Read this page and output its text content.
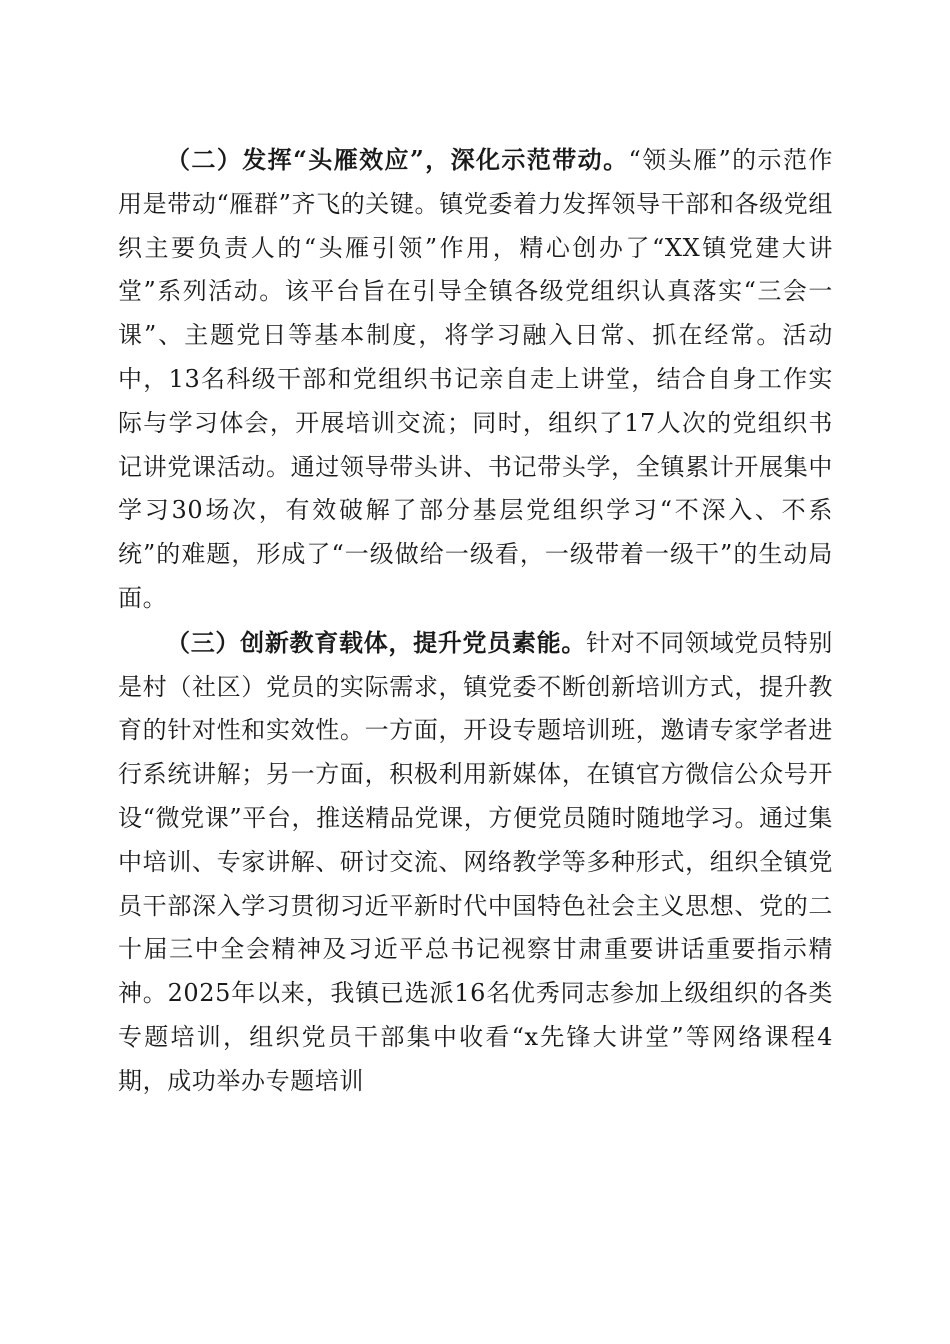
（二）发挥“头雁效应”，深化示范带动。“领头雁”的示范作用是带动“雁群”齐飞的关键。镇党委着力发挥领导干部和各级党组织主要负责人的“头雁引领”作用，精心创办了“XX镇党建大讲堂”系列活动。该平台旨在引导全镇各级党组织认真落实“三会一课”、主题党日等基本制度，将学习融入日常、抓在经常。活动中，13名科级干部和党组织书记亲自走上讲堂，结合自身工作实际与学习体会，开展培训交流；同时，组织了17人次的党组织书记讲党课活动。通过领导带头讲、书记带头学，全镇累计开展集中学习30场次，有效破解了部分基层党组织学习“不深入、不系统”的难题，形成了“一级做给一级看，一级带着一级干”的生动局面。

（三）创新教育载体，提升党员素能。针对不同领域党员特别是村（社区）党员的实际需求，镇党委不断创新培训方式，提升教育的针对性和实效性。一方面，开设专题培训班，邀请专家学者进行系统讲解；另一方面，积极利用新媒体，在镇官方微信公众号开设“微党课”平台，推送精品党课，方便党员随时随地学习。通过集中培训、专家讲解、研讨交流、网络教学等多种形式，组织全镇党员干部深入学习贯彻习近平新时代中国特色社会主义思想、党的二十届三中全会精神及习近平总书记视察甘肃重要讲话重要指示精神。2025年以来，我镇已选派16名优秀同志参加上级组织的各类专题培训，组织党员干部集中收看“x先锋大讲堂”等网络课程4期，成功举办专题培训
